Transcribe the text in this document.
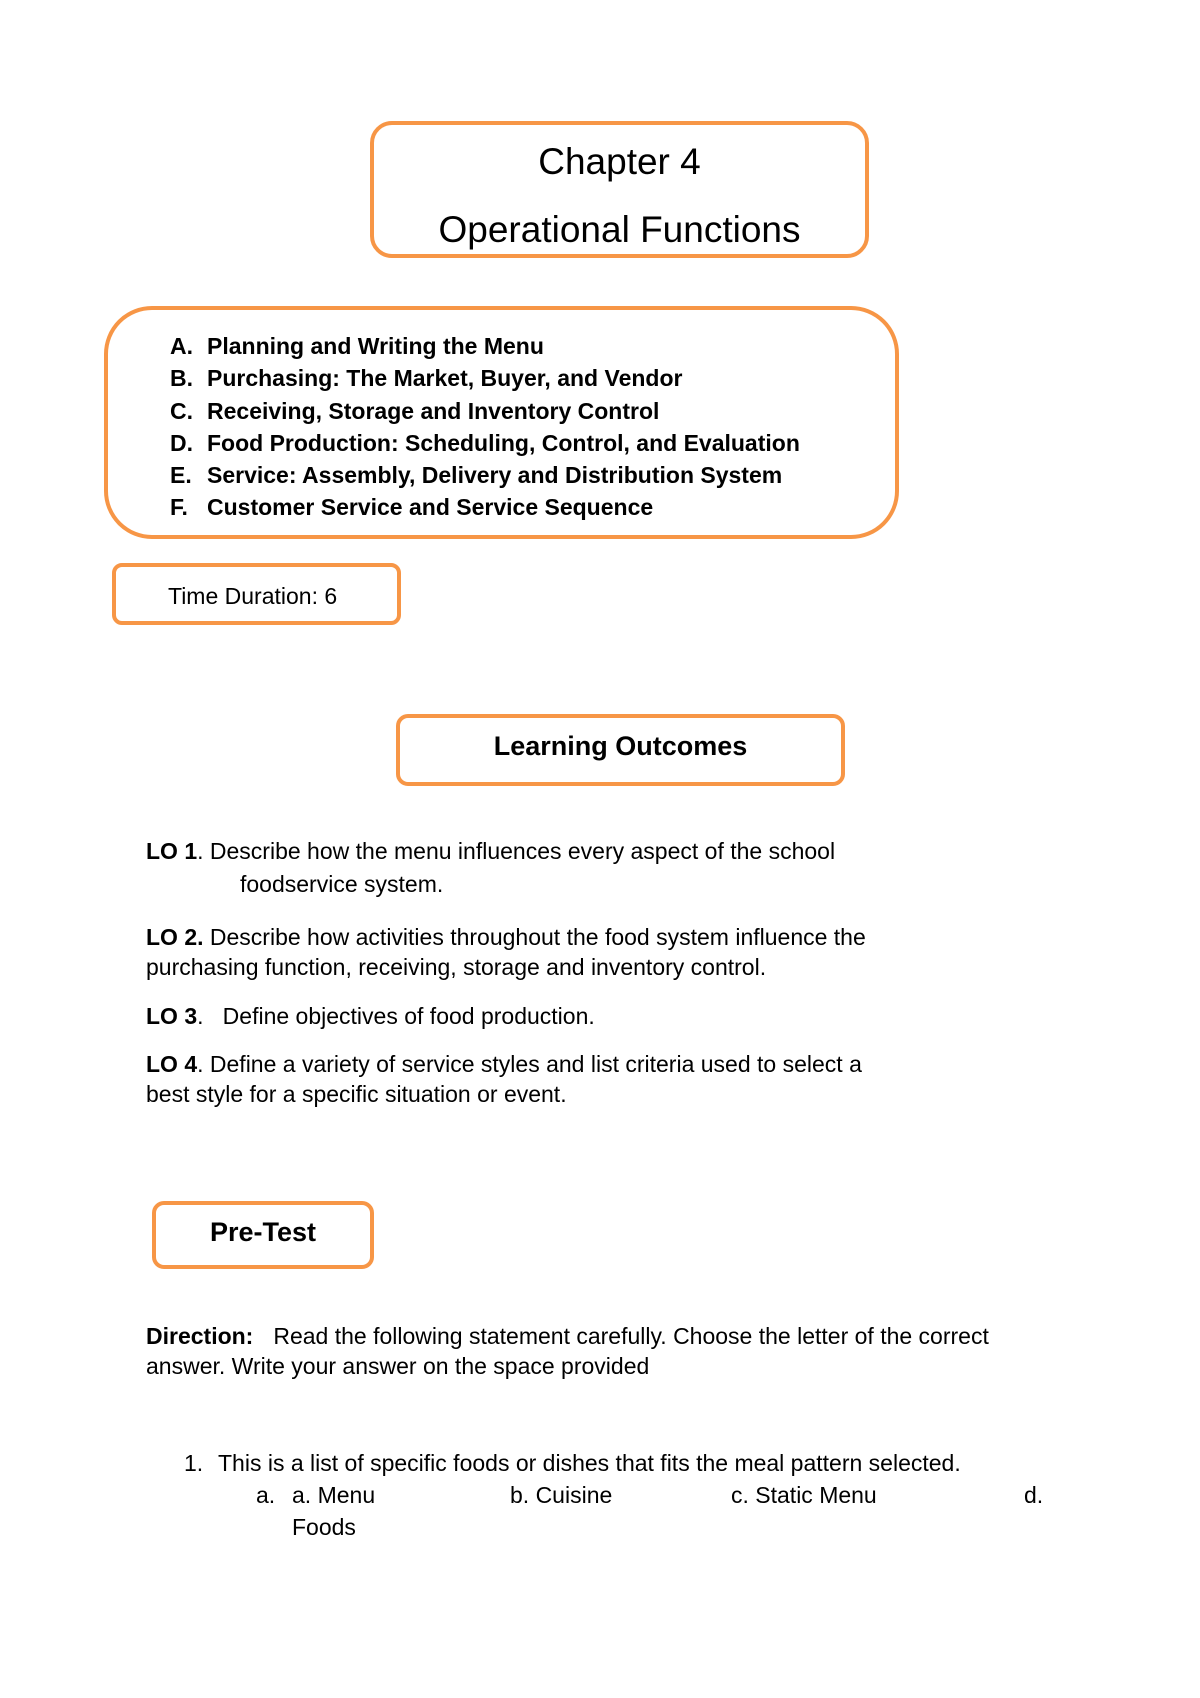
Chapter 4
Operational Functions
A. Planning and Writing the Menu
B. Purchasing: The Market, Buyer, and Vendor
C. Receiving, Storage and Inventory Control
D. Food Production: Scheduling, Control, and Evaluation
E. Service: Assembly, Delivery and Distribution System
F. Customer Service and Service Sequence
Time Duration: 6
Learning Outcomes
LO 1. Describe how the menu influences every aspect of the school
foodservice system.
LO 2. Describe how activities throughout the food system influence the
purchasing function, receiving, storage and inventory control.
LO 3.   Define objectives of food production.
LO 4. Define a variety of service styles and list criteria used to select a
best style for a specific situation or event.
Pre-Test
Direction: Read the following statement carefully. Choose the letter of the correct
answer. Write your answer on the space provided
1. This is a list of specific foods or dishes that fits the meal pattern selected.
a. a. Menu	b. Cuisine	c. Static Menu	d.
Foods
